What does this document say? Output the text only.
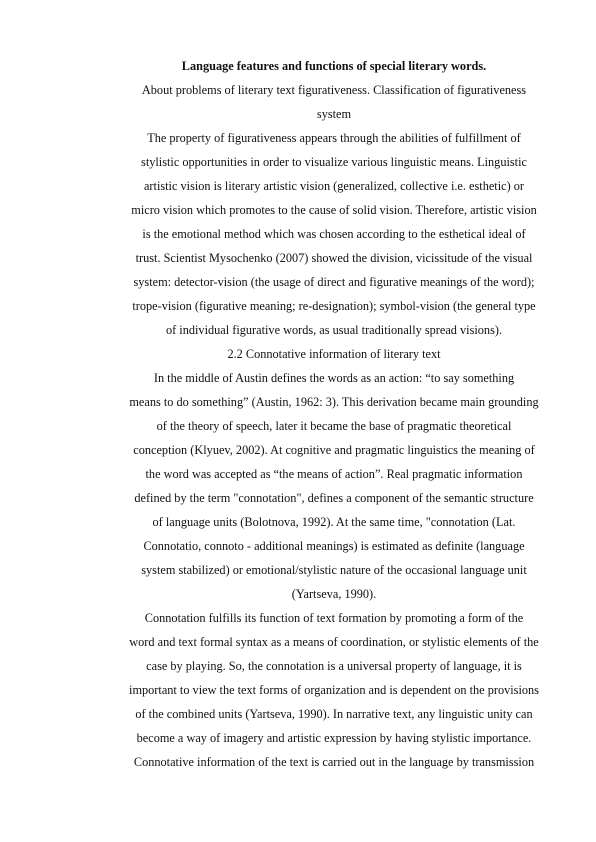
Language features and functions of special literary words.
About problems of literary text figurativeness. Classification of figurativeness
system
The property of figurativeness appears through the abilities of fulfillment of
stylistic opportunities in order to visualize various linguistic means. Linguistic
artistic vision is literary artistic vision (generalized, collective i.e. esthetic) or
micro vision which promotes to the cause of solid vision. Therefore, artistic vision
is the emotional method which was chosen according to the esthetical ideal of
trust. Scientist Mysochenko (2007) showed the division, vicissitude of the visual
system: detector-vision (the usage of direct and figurative meanings of the word);
trope-vision (figurative meaning; re-designation); symbol-vision (the general type
of individual figurative words, as usual traditionally spread visions).
2.2 Connotative information of literary text
In the middle of Austin defines the words as an action: “to say something
means to do something” (Austin, 1962: 3). This derivation became main grounding
of the theory of speech, later it became the base of pragmatic theoretical
conception (Klyuev, 2002). At cognitive and pragmatic linguistics the meaning of
the word was accepted as “the means of action”. Real pragmatic information
defined by the term "connotation", defines a component of the semantic structure
of language units (Bolotnova, 1992). At the same time, "connotation (Lat.
Connotatio, connoto - additional meanings) is estimated as definite (language
system stabilized) or emotional/stylistic nature of the occasional language unit
(Yartseva, 1990).
Connotation fulfills its function of text formation by promoting a form of the
word and text formal syntax as a means of coordination, or stylistic elements of the
case by playing. So, the connotation is a universal property of language, it is
important to view the text forms of organization and is dependent on the provisions
of the combined units (Yartseva, 1990). In narrative text, any linguistic unity can
become a way of imagery and artistic expression by having stylistic importance.
Connotative information of the text is carried out in the language by transmission
